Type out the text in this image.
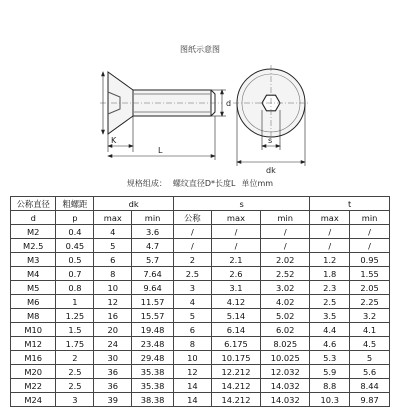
图纸示意图
K
L
d
s
dk
规格组成： 螺纹直径D*长度L 单位mm
公称直径	粗螺距	dk		s			t	
d	p	max	min	公称	max	min	max	min
M2	0.4	4	3.6	/	/	/	/	/
M2.5	0.45	5	4.7	/	/	/	/	/
M3	0.5	6	5.7	2	2.1	2.02	1.2	0.95
M4	0.7	8	7.64	2.5	2.6	2.52	1.8	1.55
M5	0.8	10	9.64	3	3.1	3.02	2.3	2.05
M6	1	12	11.57	4	4.12	4.02	2.5	2.25
M8	1.25	16	15.57	5	5.14	5.02	3.5	3.2
M10	1.5	20	19.48	6	6.14	6.02	4.4	4.1
M12	1.75	24	23.48	8	6.175	8.025	4.6	4.5
M16	2	30	29.48	10	10.175	10.025	5.3	5
M20	2.5	36	35.38	12	12.212	12.032	5.9	5.6
M22	2.5	36	35.38	14	14.212	14.032	8.8	8.44
M24	3	39	38.38	14	14.212	14.032	10.3	9.87
